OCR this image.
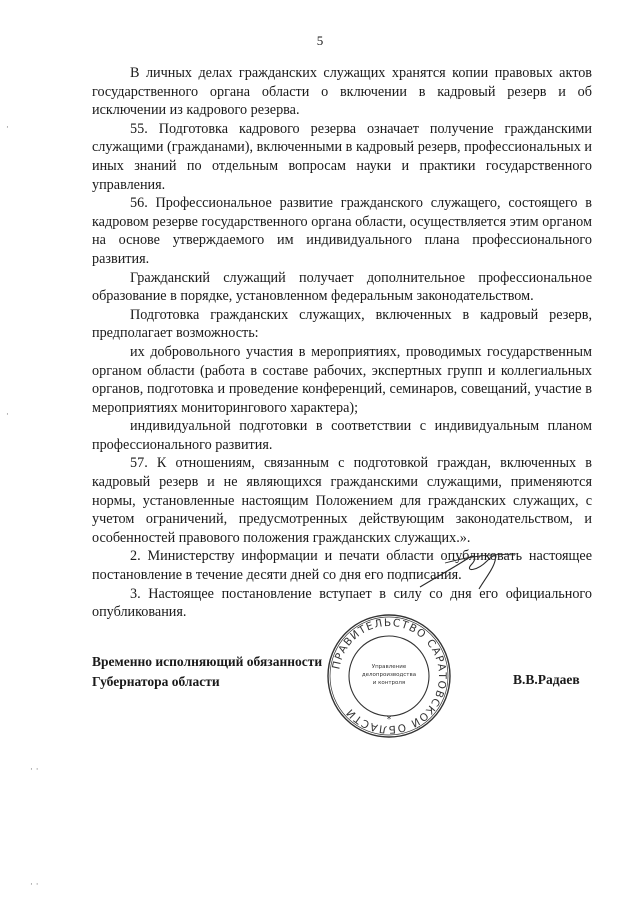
5

В личных делах гражданских служащих хранятся копии правовых актов государственного органа области о включении в кадровый резерв и об исключении из кадрового резерва.

55. Подготовка кадрового резерва означает получение гражданскими служащими (гражданами), включенными в кадровый резерв, профессиональных и иных знаний по отдельным вопросам науки и практики государственного управления.

56. Профессиональное развитие гражданского служащего, состоящего в кадровом резерве государственного органа области, осуществляется этим органом на основе утверждаемого им индивидуального плана профессионального развития.

Гражданский служащий получает дополнительное профессиональное образование в порядке, установленном федеральным законодательством.

Подготовка гражданских служащих, включенных в кадровый резерв, предполагает возможность:

их добровольного участия в мероприятиях, проводимых государственным органом области (работа в составе рабочих, экспертных групп и коллегиальных органов, подготовка и проведение конференций, семинаров, совещаний, участие в мероприятиях мониторингового характера);

индивидуальной подготовки в соответствии с индивидуальным планом профессионального развития.

57. К отношениям, связанным с подготовкой граждан, включенных в кадровый резерв и не являющихся гражданскими служащими, применяются нормы, установленные настоящим Положением для гражданских служащих, с учетом ограничений, предусмотренных действующим законодательством, и особенностей правового положения гражданских служащих.».

2. Министерству информации и печати области опубликовать настоящее постановление в течение десяти дней со дня его подписания.

3. Настоящее постановление вступает в силу со дня его официального опубликования.

ПРАВИТЕЛЬСТВО САРАТОВСКОЙ ОБЛАСТИ
Управление
делопроизводства
и контроля
*
Временно исполняющий обязанности
Губернатора области	В.В.Радаев
·
·
· ·
· ·
